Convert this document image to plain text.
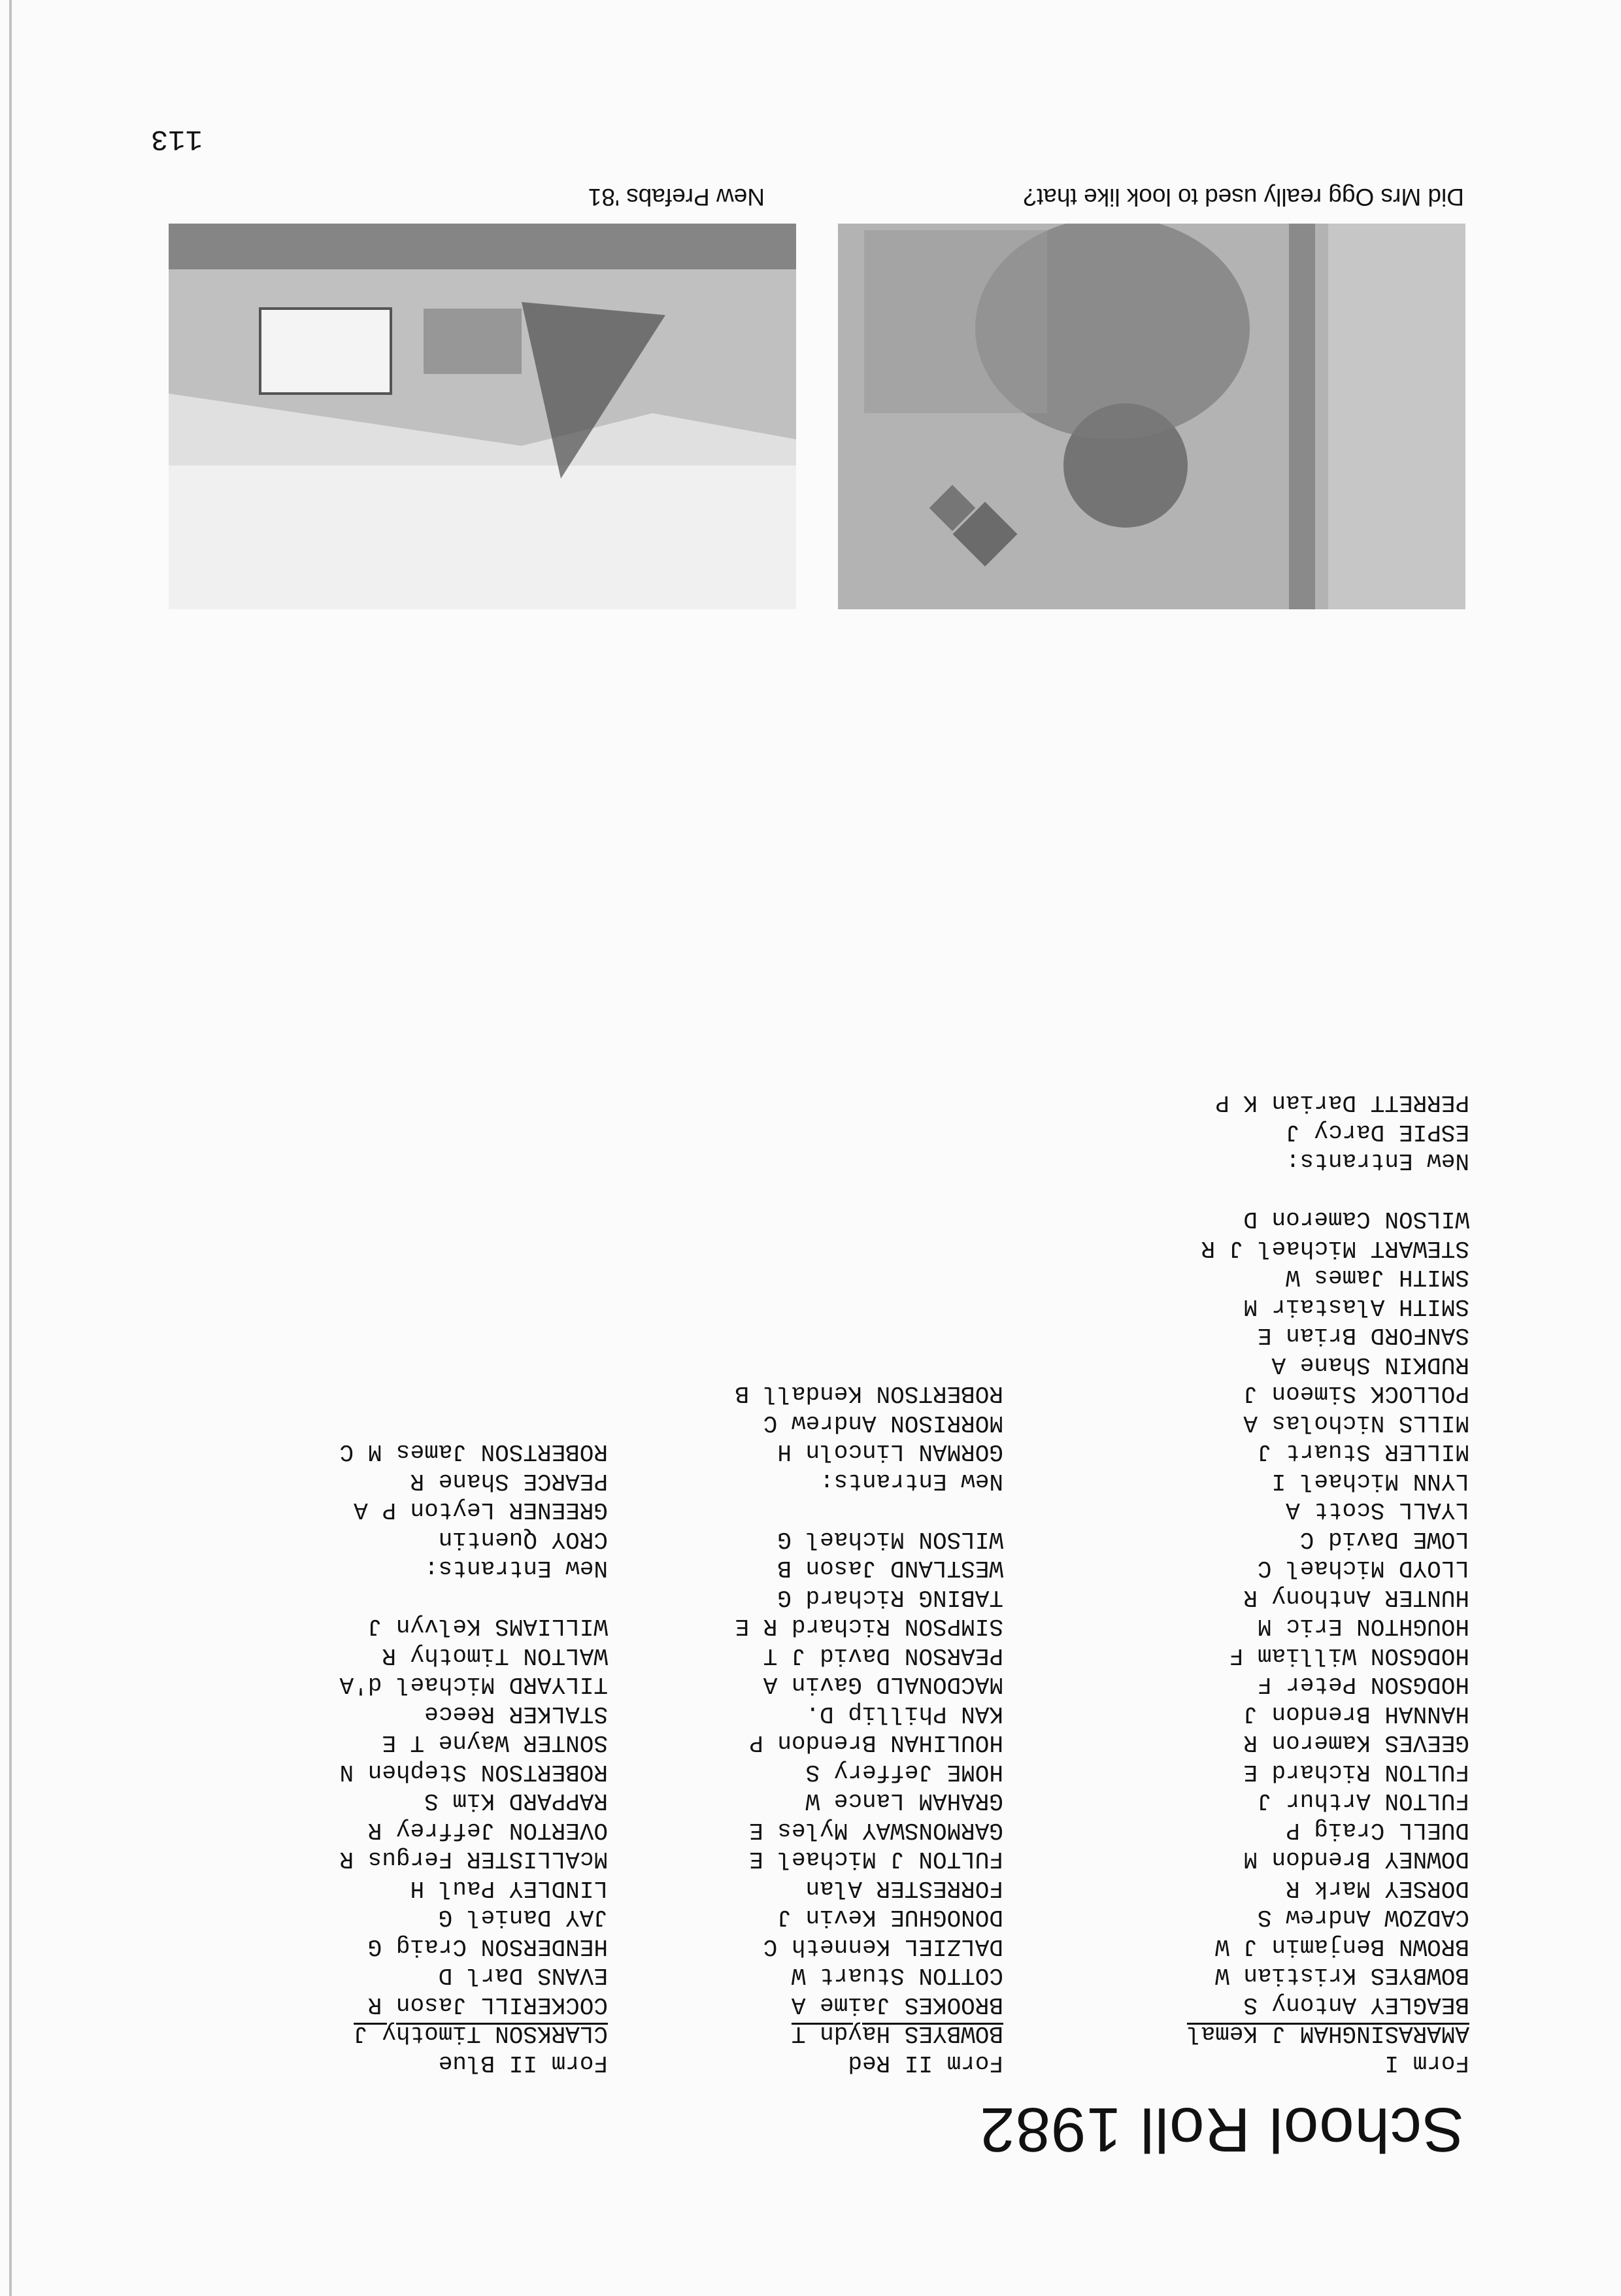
School Roll 1982
Form I
AMARASINGHAM J Kemal
BEAGLEY Antony S
BOWBYES Kristian W
BROWN Benjamin J W
CADZOW Andrew S
DORSEY Mark R
DOWNEY Brendon M
DUELL Craig P
FULTON Arthur J
FULTON Richard E
GEEVES Kameron R
HANNAH Brendon J
HODGSON Peter F
HODGSON William F
HOUGHTON Eric M
HUNTER Anthony R
LLOYD Michael C
LOWE David C
LYALL Scott A
LYNN Michael I
MILLER Stuart J
MILLS Nicholas A
POLLOCK Simeon J
RUDKIN Shane A
SANFORD Brian E
SMITH Alastair M
SMITH James W
STEWART Michael J R
WILSON Cameron D
New Entrants:
ESPIE Darcy J
PERRETT Darian K P
Form II Red
BOWBYES Haydn T
BROOKES Jaime A
COTTON Stuart W
DALZIEL Kenneth C
DONOGHUE Kevin J
FORRESTER Alan
FULTON J Michael E
GARMONSWAY Myles E
GRAHAM Lance W
HOME Jeffery S
HOULIHAN Brendon P
KAN Phillip D.
MACDONALD Gavin A
PEARSON David J T
SIMPSON Richard R E
TABING Richard G
WESTLAND Jason B
WILSON Michael G
New Entrants:
GORMAN Lincoln H
MORRISON Andrew C
ROBERTSON Kendall B
Form II Blue
CLARKSON Timothy J
COCKERILL Jason R
EVANS Darl D
HENDERSON Craig G
JAY Daniel G
LINDLEY Paul H
McALLISTER Fergus R
OVERTON Jeffrey R
RAPPARD Kim S
ROBERTSON Stephen N
SONTER Wayne T E
STALKER Reece
TILYARD Michael d'A
WALTON Timothy R
WILLIAMS Kelvyn J
New Entrants:
CROY Quentin
GREENER Leyton P A
PEARCE Shane R
ROBERTSON James M C
Did Mrs Ogg really used to look like that?
New Prefabs '81
113
